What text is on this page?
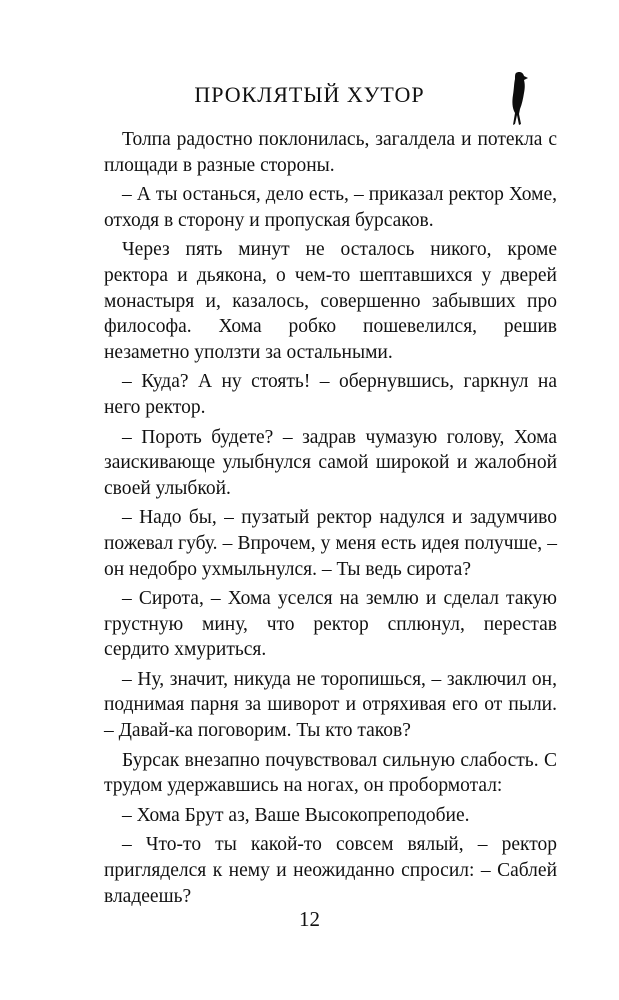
ПРОКЛЯТЫЙ ХУТОР

Толпа радостно поклонилась, загалдела и потекла с площади в разные стороны.

– А ты останься, дело есть, – приказал ректор Хоме, отходя в сторону и пропуская бурсаков.

Через пять минут не осталось никого, кроме ректора и дьякона, о чем-то шептавшихся у дверей монастыря и, казалось, совершенно забывших про философа. Хома робко пошевелился, решив незаметно уползти за остальными.

– Куда? А ну стоять! – обернувшись, гаркнул на него ректор.

– Пороть будете? – задрав чумазую голову, Хома заискивающе улыбнулся самой широкой и жалобной своей улыбкой.

– Надо бы, – пузатый ректор надулся и задумчиво пожевал губу. – Впрочем, у меня есть идея получше, – он недобро ухмыльнулся. – Ты ведь сирота?

– Сирота, – Хома уселся на землю и сделал такую грустную мину, что ректор сплюнул, перестав сердито хмуриться.

– Ну, значит, никуда не торопишься, – заключил он, поднимая парня за шиворот и отряхивая его от пыли. – Давай-ка поговорим. Ты кто таков?

Бурсак внезапно почувствовал сильную слабость. С трудом удержавшись на ногах, он пробормотал:

– Хома Брут аз, Ваше Высокопреподобие.

– Что-то ты какой-то совсем вялый, – ректор пригляделся к нему и неожиданно спросил: – Саблей владеешь?

12
